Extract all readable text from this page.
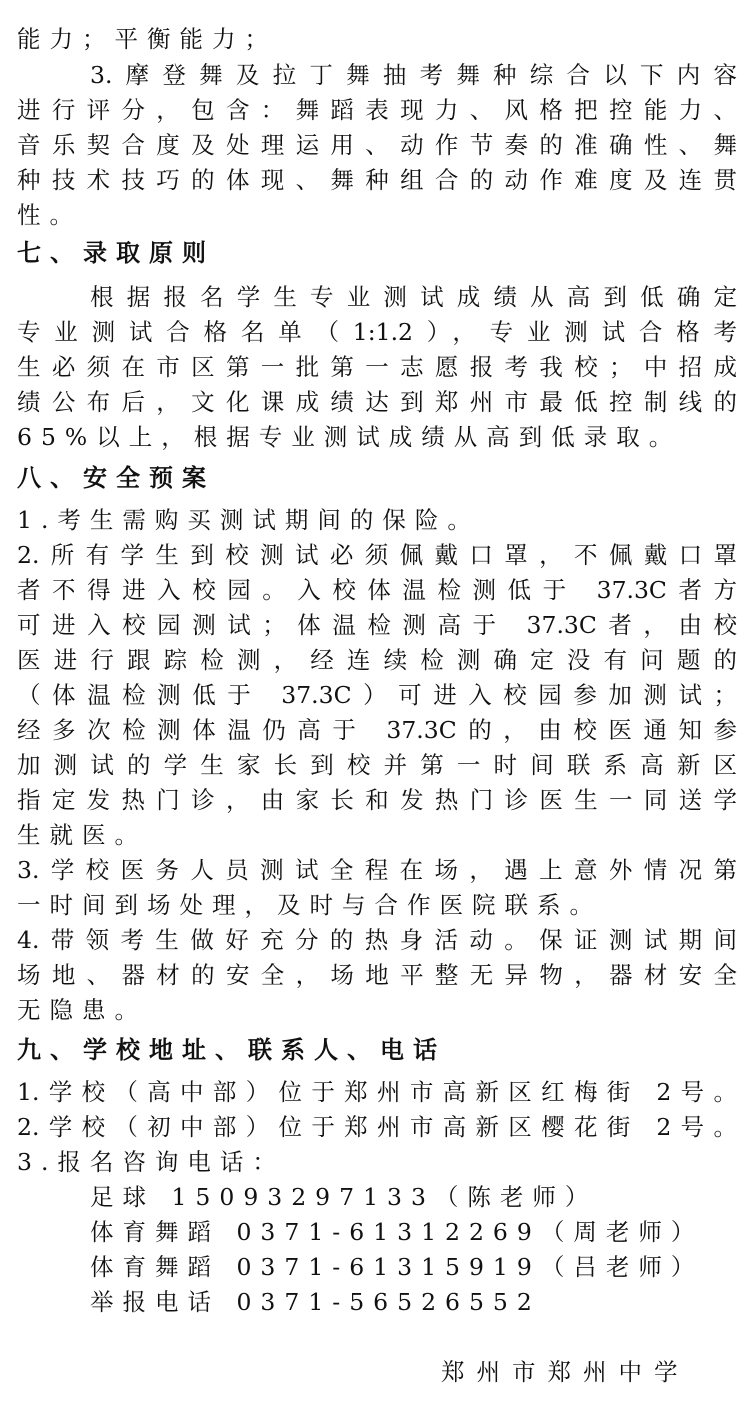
能力；平衡能力；
3.摩登舞及拉丁舞抽考舞种综合以下内容
进行评分，包含：舞蹈表现力、风格把控能力、
音乐契合度及处理运用、动作节奏的准确性、舞
种技术技巧的体现、舞种组合的动作难度及连贯
性。
七、录取原则
根据报名学生专业测试成绩从高到低确定
专业测试合格名单（1:1.2），专业测试合格考
生必须在市区第一批第一志愿报考我校；中招成
绩公布后，文化课成绩达到郑州市最低控制线的
65%以上，根据专业测试成绩从高到低录取。
八、安全预案
1.考生需购买测试期间的保险。
2.所有学生到校测试必须佩戴口罩，不佩戴口罩
者不得进入校园。入校体温检测低于 37.3C者方
可进入校园测试；体温检测高于 37.3C者，由校
医进行跟踪检测，经连续检测确定没有问题的
（体温检测低于 37.3C）可进入校园参加测试；
经多次检测体温仍高于 37.3C的，由校医通知参
加测试的学生家长到校并第一时间联系高新区
指定发热门诊，由家长和发热门诊医生一同送学
生就医。
3.学校医务人员测试全程在场，遇上意外情况第
一时间到场处理，及时与合作医院联系。
4.带领考生做好充分的热身活动。保证测试期间
场地、器材的安全，场地平整无异物，器材安全
无隐患。
九、学校地址、联系人、电话
1.学校（高中部）位于郑州市高新区红梅街 2号。
2.学校（初中部）位于郑州市高新区樱花街 2号。
3.报名咨询电话：
足球 15093297133（陈老师）
体育舞蹈 0371-61312269（周老师）
体育舞蹈 0371-61315919（吕老师）
举报电话 0371-56526552
郑州市郑州中学
